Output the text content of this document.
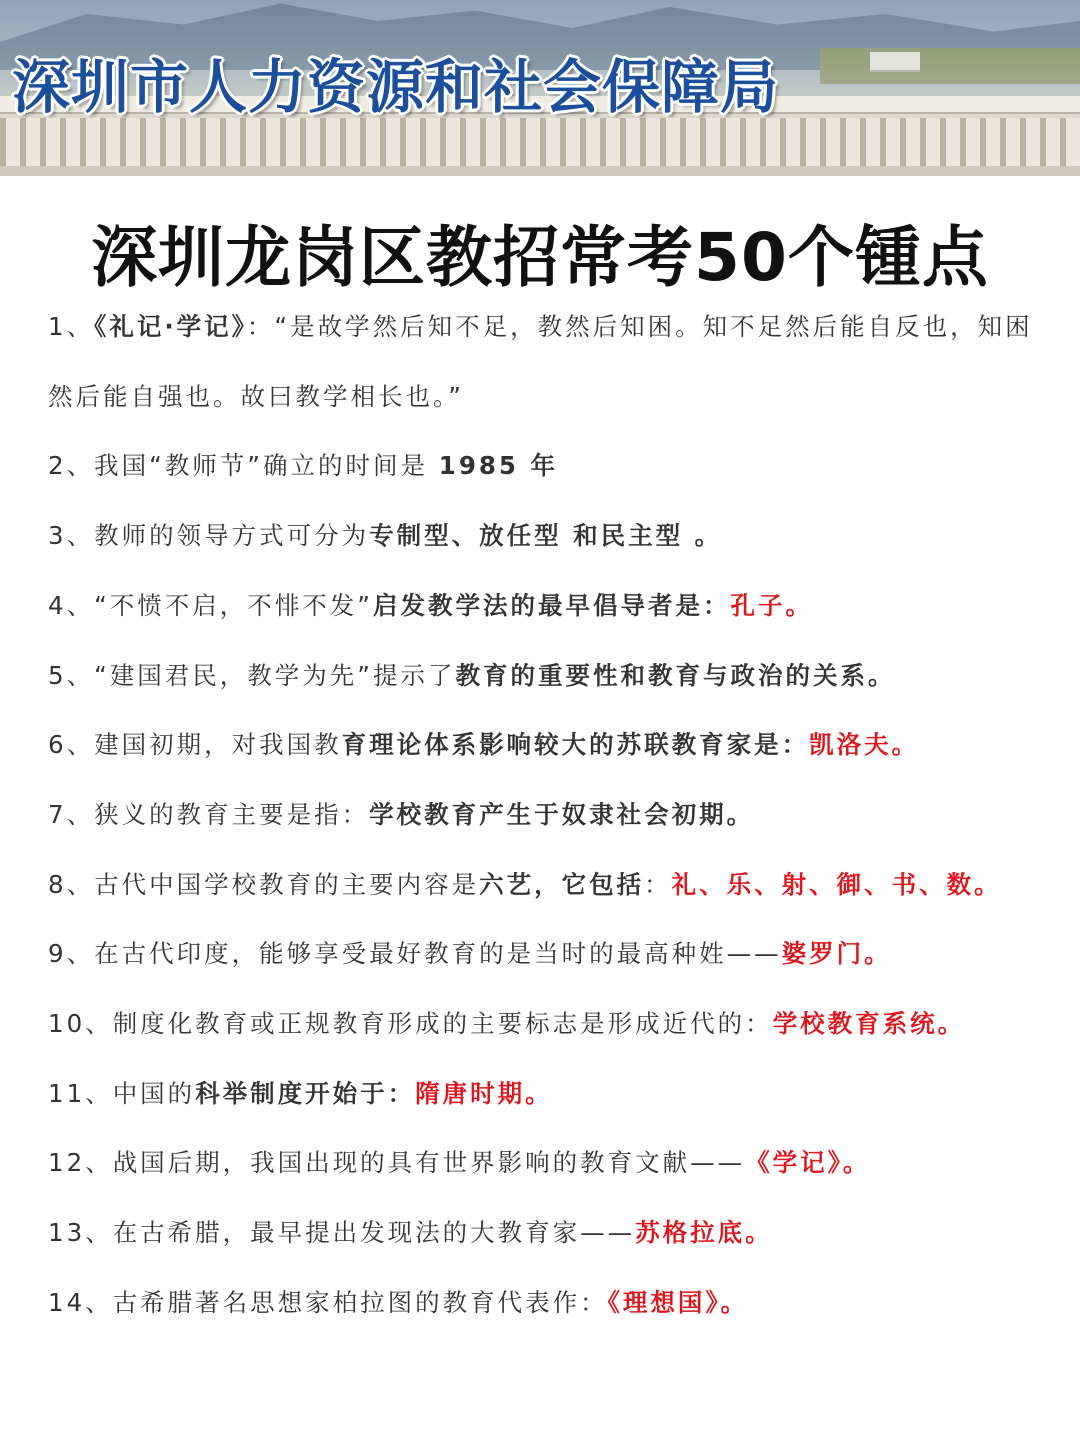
深圳市人力资源和社会保障局
深圳龙岗区教招常考50个锺点

1、《礼记·学记》：“是故学然后知不足，教然后知困。知不足然后能自反也，知困然后能自强也。故曰教学相长也。”

2、我国“教师节”确立的时间是 1985 年

3、教师的领导方式可分为专制型、放任型 和民主型 。

4、“不愤不启，不悱不发”启发教学法的最早倡导者是：孔子。

5、“建国君民，教学为先”提示了教育的重要性和教育与政治的关系。

6、建国初期，对我国教育理论体系影响较大的苏联教育家是：凯洛夫。

7、狭义的教育主要是指：学校教育产生于奴隶社会初期。

8、古代中国学校教育的主要内容是六艺，它包括：礼、乐、射、御、书、数。

9、在古代印度，能够享受最好教育的是当时的最高种姓——婆罗门。

10、制度化教育或正规教育形成的主要标志是形成近代的：学校教育系统。

11、中国的科举制度开始于：隋唐时期。

12、战国后期，我国出现的具有世界影响的教育文献——《学记》。

13、在古希腊，最早提出发现法的大教育家——苏格拉底。

14、古希腊著名思想家柏拉图的教育代表作：《理想国》。
